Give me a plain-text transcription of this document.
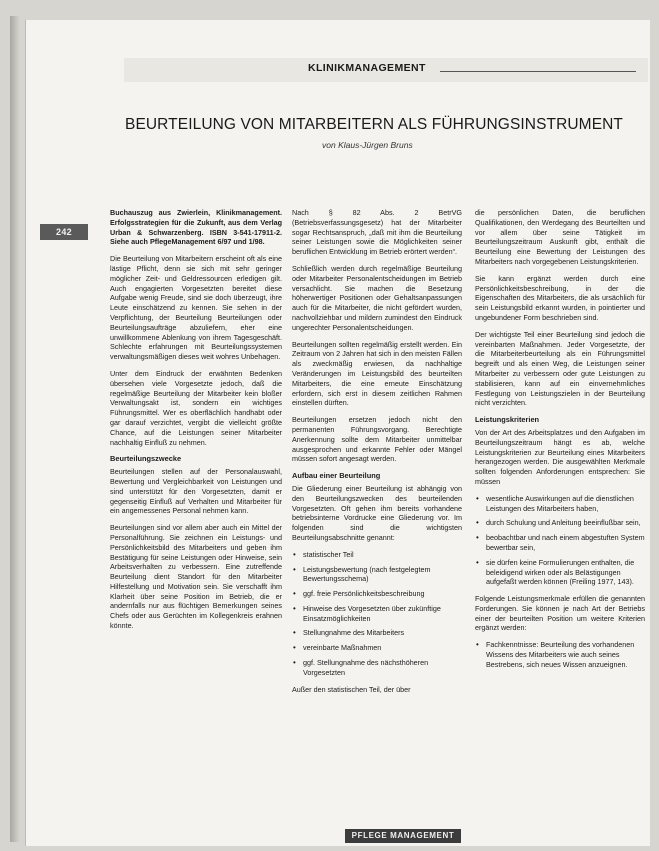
KLINIKMANAGEMENT
BEURTEILUNG VON MITARBEITERN ALS FÜHRUNGSINSTRUMENT
von Klaus-Jürgen Bruns
242

Buchauszug aus Zwierlein, Klinikmanagement. Erfolgsstrategien für die Zukunft, aus dem Verlag Urban & Schwarzenberg. ISBN 3-541-17911-2. Siehe auch PflegeManagement 6/97 und 1/98.

Die Beurteilung von Mitarbeitern erscheint oft als eine lästige Pflicht, denn sie sich mit sehr geringer möglicher Zeit- und Geldressourcen erledigen gilt. Auch engagierten Vorgesetzten bereitet diese Aufgabe wenig Freude, sind sie doch überzeugt, ihre Leute einschätzend zu kennen. Sie sehen in der Verpflichtung, der Beurteilung Beurteilungen oder Beurteilungsaufträge abzuliefern, eher eine unwillkommene Ablenkung von ihrem Tagesgeschäft. Schlechte erfahrungen mit Beurteilungssystemen verwaltungsmäßigen dieses weit wohres Unbehagen.

Unter dem Eindruck der erwähnten Bedenken übersehen viele Vorgesetzte jedoch, daß die regelmäßige Beurteilung der Mitarbeiter kein bloßer Verwaltungsakt ist, sondern ein wichtiges Führungsmittel. Wer es oberflächlich handhabt oder gar darauf verzichtet, vergibt die vielleicht größte Chance, auf die Leistungen seiner Mitarbeiter nachhaltig Einfluß zu nehmen.

Beurteilungszwecke

Beurteilungen stellen auf der Personalauswahl, Bewertung und Vergleichbarkeit von Leistungen und sind unterstützt für den Vorgesetzten, damit er gegenseitig Einfluß auf Verhalten und Mitarbeiter für ein angemessenes Personal nehmen kann.

Beurteilungen sind vor allem aber auch ein Mittel der Personalführung. Sie zeichnen ein Leistungs- und Persönlichkeitsbild des Mitarbeiters und geben ihm Bestätigung für seine Leistungen oder Hinweise, sein Arbeitsverhalten zu verbessern. Eine zutreffende Beurteilung dient Standort für den Mitarbeiter Hilfestellung und Motivation sein. Sie verschafft ihm Klarheit über seine Position im Betrieb, die er andernfalls nur aus flüchtigen Bemerkungen seines Chefs oder aus Gerüchten im Kollegenkreis erahnen könnte.

Nach § 82 Abs. 2 BetrVG (Betriebsverfassungsgesetz) hat der Mitarbeiter sogar Rechtsanspruch, „daß mit ihm die Beurteilung seiner Leistungen sowie die Möglichkeiten seiner beruflichen Entwicklung im Betrieb erörtert werden“.

Schließlich werden durch regelmäßige Beurteilung oder Mitarbeiter Personalentscheidungen im Betrieb versachlicht. Sie machen die Besetzung höherwertiger Positionen oder Gehaltsanpassungen auch für die Mitarbeiter, die nicht gefördert wurden, nachvollziehbar und mildern zumindest den Eindruck ungerechter Personalentscheidungen.

Beurteilungen sollten regelmäßig erstellt werden. Ein Zeitraum von 2 Jahren hat sich in den meisten Fällen als zweckmäßig erwiesen, da nachhaltige Veränderungen im Leistungsbild des beurteilten Mitarbeiters, die eine erneute Einschätzung erfordern, sich erst in diesem zeitlichen Rahmen einstellen dürften.

Beurteilungen ersetzen jedoch nicht den permanenten Führungsvorgang. Berechtigte Anerkennung sollte dem Mitarbeiter unmittelbar ausgesprochen und erkannte Fehler oder Mängel müssen sofort angesagt werden.

Aufbau einer Beurteilung

Die Gliederung einer Beurteilung ist abhängig von den Beurteilungszwecken des beurteilenden Vorgesetzten. Oft gehen ihm bereits vorhandene betriebsinterne Vordrucke eine Gliederung vor. Im folgenden sind die wichtigsten Beurteilungsabschnitte genannt:

• statistischer Teil
• Leistungsbewertung (nach festgelegtem Bewertungsschema)
• ggf. freie Persönlichkeitsbeschreibung
• Hinweise des Vorgesetzten über zukünftige Einsatzmöglichkeiten
• Stellungnahme des Mitarbeiters
• vereinbarte Maßnahmen
• ggf. Stellungnahme des nächsthöheren Vorgesetzten

Außer den statistischen Teil, der über

die persönlichen Daten, die beruflichen Qualifikationen, den Werdegang des Beurteilten und vor allem über seine Tätigkeit im Beurteilungszeitraum Auskunft gibt, enthält die Beurteilung eine Bewertung der Leistungen des Mitarbeiters nach vorgegebenen Leistungskriterien.

Sie kann ergänzt werden durch eine Persönlichkeitsbeschreibung, in der die Eigenschaften des Mitarbeiters, die als ursächlich für sein Leistungsbild erkannt wurden, in pointierter und ungebundener Form beschrieben sind.

Der wichtigste Teil einer Beurteilung sind jedoch die vereinbarten Maßnahmen. Jeder Vorgesetzte, der die Mitarbeiterbeurteilung als ein Führungsmittel begreift und als einen Weg, die Leistungen seiner Mitarbeiter zu verbessern oder gute Leistungen zu stabilisieren, kann auf ein einvernehmliches Festlegung von Leistungszielen in der Beurteilung nicht verzichten.

Leistungskriterien

Von der Art des Arbeitsplatzes und den Aufgaben im Beurteilungszeitraum hängt es ab, welche Leistungskriterien zur Beurteilung eines Mitarbeiters herangezogen werden. Die ausgewählten Merkmale sollten folgenden Anforderungen entsprechen: Sie müssen

• wesentliche Auswirkungen auf die dienstlichen Leistungen des Mitarbeiters haben,
• durch Schulung und Anleitung beeinflußbar sein,
• beobachtbar und nach einem abgestuften System bewertbar sein,
• sie dürfen keine Formulierungen enthalten, die beleidigend wirken oder als Belästigungen aufgefaßt werden können (Freiling 1977, 143).

Folgende Leistungsmerkmale erfüllen die genannten Forderungen. Sie können je nach Art der Betriebs einer der beurteilten Position um weitere Kriterien ergänzt werden:

• Fachkenntnisse: Beurteilung des vorhandenen Wissens des Mitarbeiters wie auch seines Bestrebens, sich neues Wissen anzueignen.
PFLEGE MANAGEMENT
